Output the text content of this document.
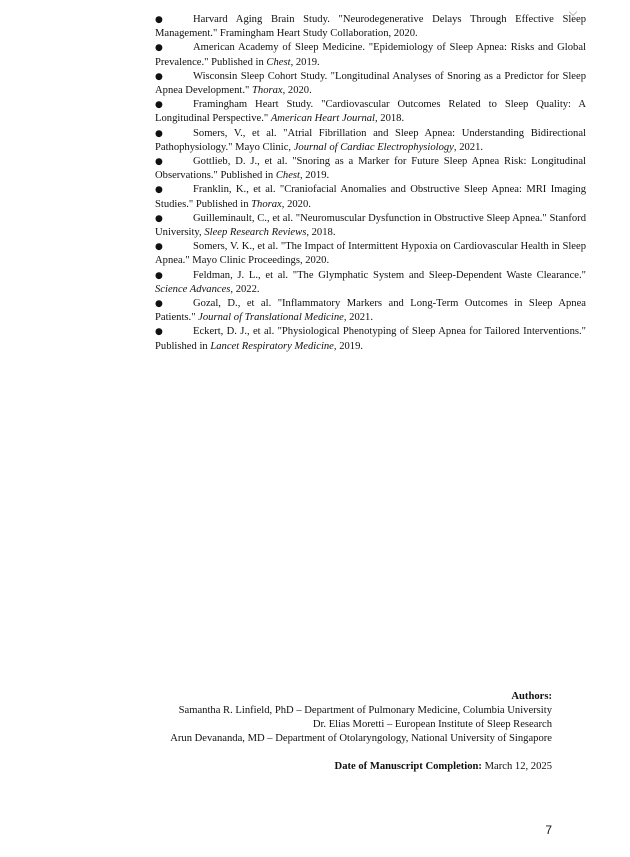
●	Harvard Aging Brain Study. "Neurodegenerative Delays Through Effective Sleep Management." Framingham Heart Study Collaboration, 2020.

●	American Academy of Sleep Medicine. "Epidemiology of Sleep Apnea: Risks and Global Prevalence." Published in Chest, 2019.

●	Wisconsin Sleep Cohort Study. "Longitudinal Analyses of Snoring as a Predictor for Sleep Apnea Development." Thorax, 2020.

●	Framingham Heart Study. "Cardiovascular Outcomes Related to Sleep Quality: A Longitudinal Perspective." American Heart Journal, 2018.

●	Somers, V., et al. "Atrial Fibrillation and Sleep Apnea: Understanding Bidirectional Pathophysiology." Mayo Clinic, Journal of Cardiac Electrophysiology, 2021.

●	Gottlieb, D. J., et al. "Snoring as a Marker for Future Sleep Apnea Risk: Longitudinal Observations." Published in Chest, 2019.

●	Franklin, K., et al. "Craniofacial Anomalies and Obstructive Sleep Apnea: MRI Imaging Studies." Published in Thorax, 2020.

●	Guilleminault, C., et al. "Neuromuscular Dysfunction in Obstructive Sleep Apnea." Stanford University, Sleep Research Reviews, 2018.

●	Somers, V. K., et al. "The Impact of Intermittent Hypoxia on Cardiovascular Health in Sleep Apnea." Mayo Clinic Proceedings, 2020.

●	Feldman, J. L., et al. "The Glymphatic System and Sleep-Dependent Waste Clearance." Science Advances, 2022.

●	Gozal, D., et al. "Inflammatory Markers and Long-Term Outcomes in Sleep Apnea Patients." Journal of Translational Medicine, 2021.

●	Eckert, D. J., et al. "Physiological Phenotyping of Sleep Apnea for Tailored Interventions." Published in Lancet Respiratory Medicine, 2019.

Authors:
Samantha R. Linfield, PhD – Department of Pulmonary Medicine, Columbia University
Dr. Elias Moretti – European Institute of Sleep Research
Arun Devananda, MD – Department of Otolaryngology, National University of Singapore
Date of Manuscript Completion: March 12, 2025
7
